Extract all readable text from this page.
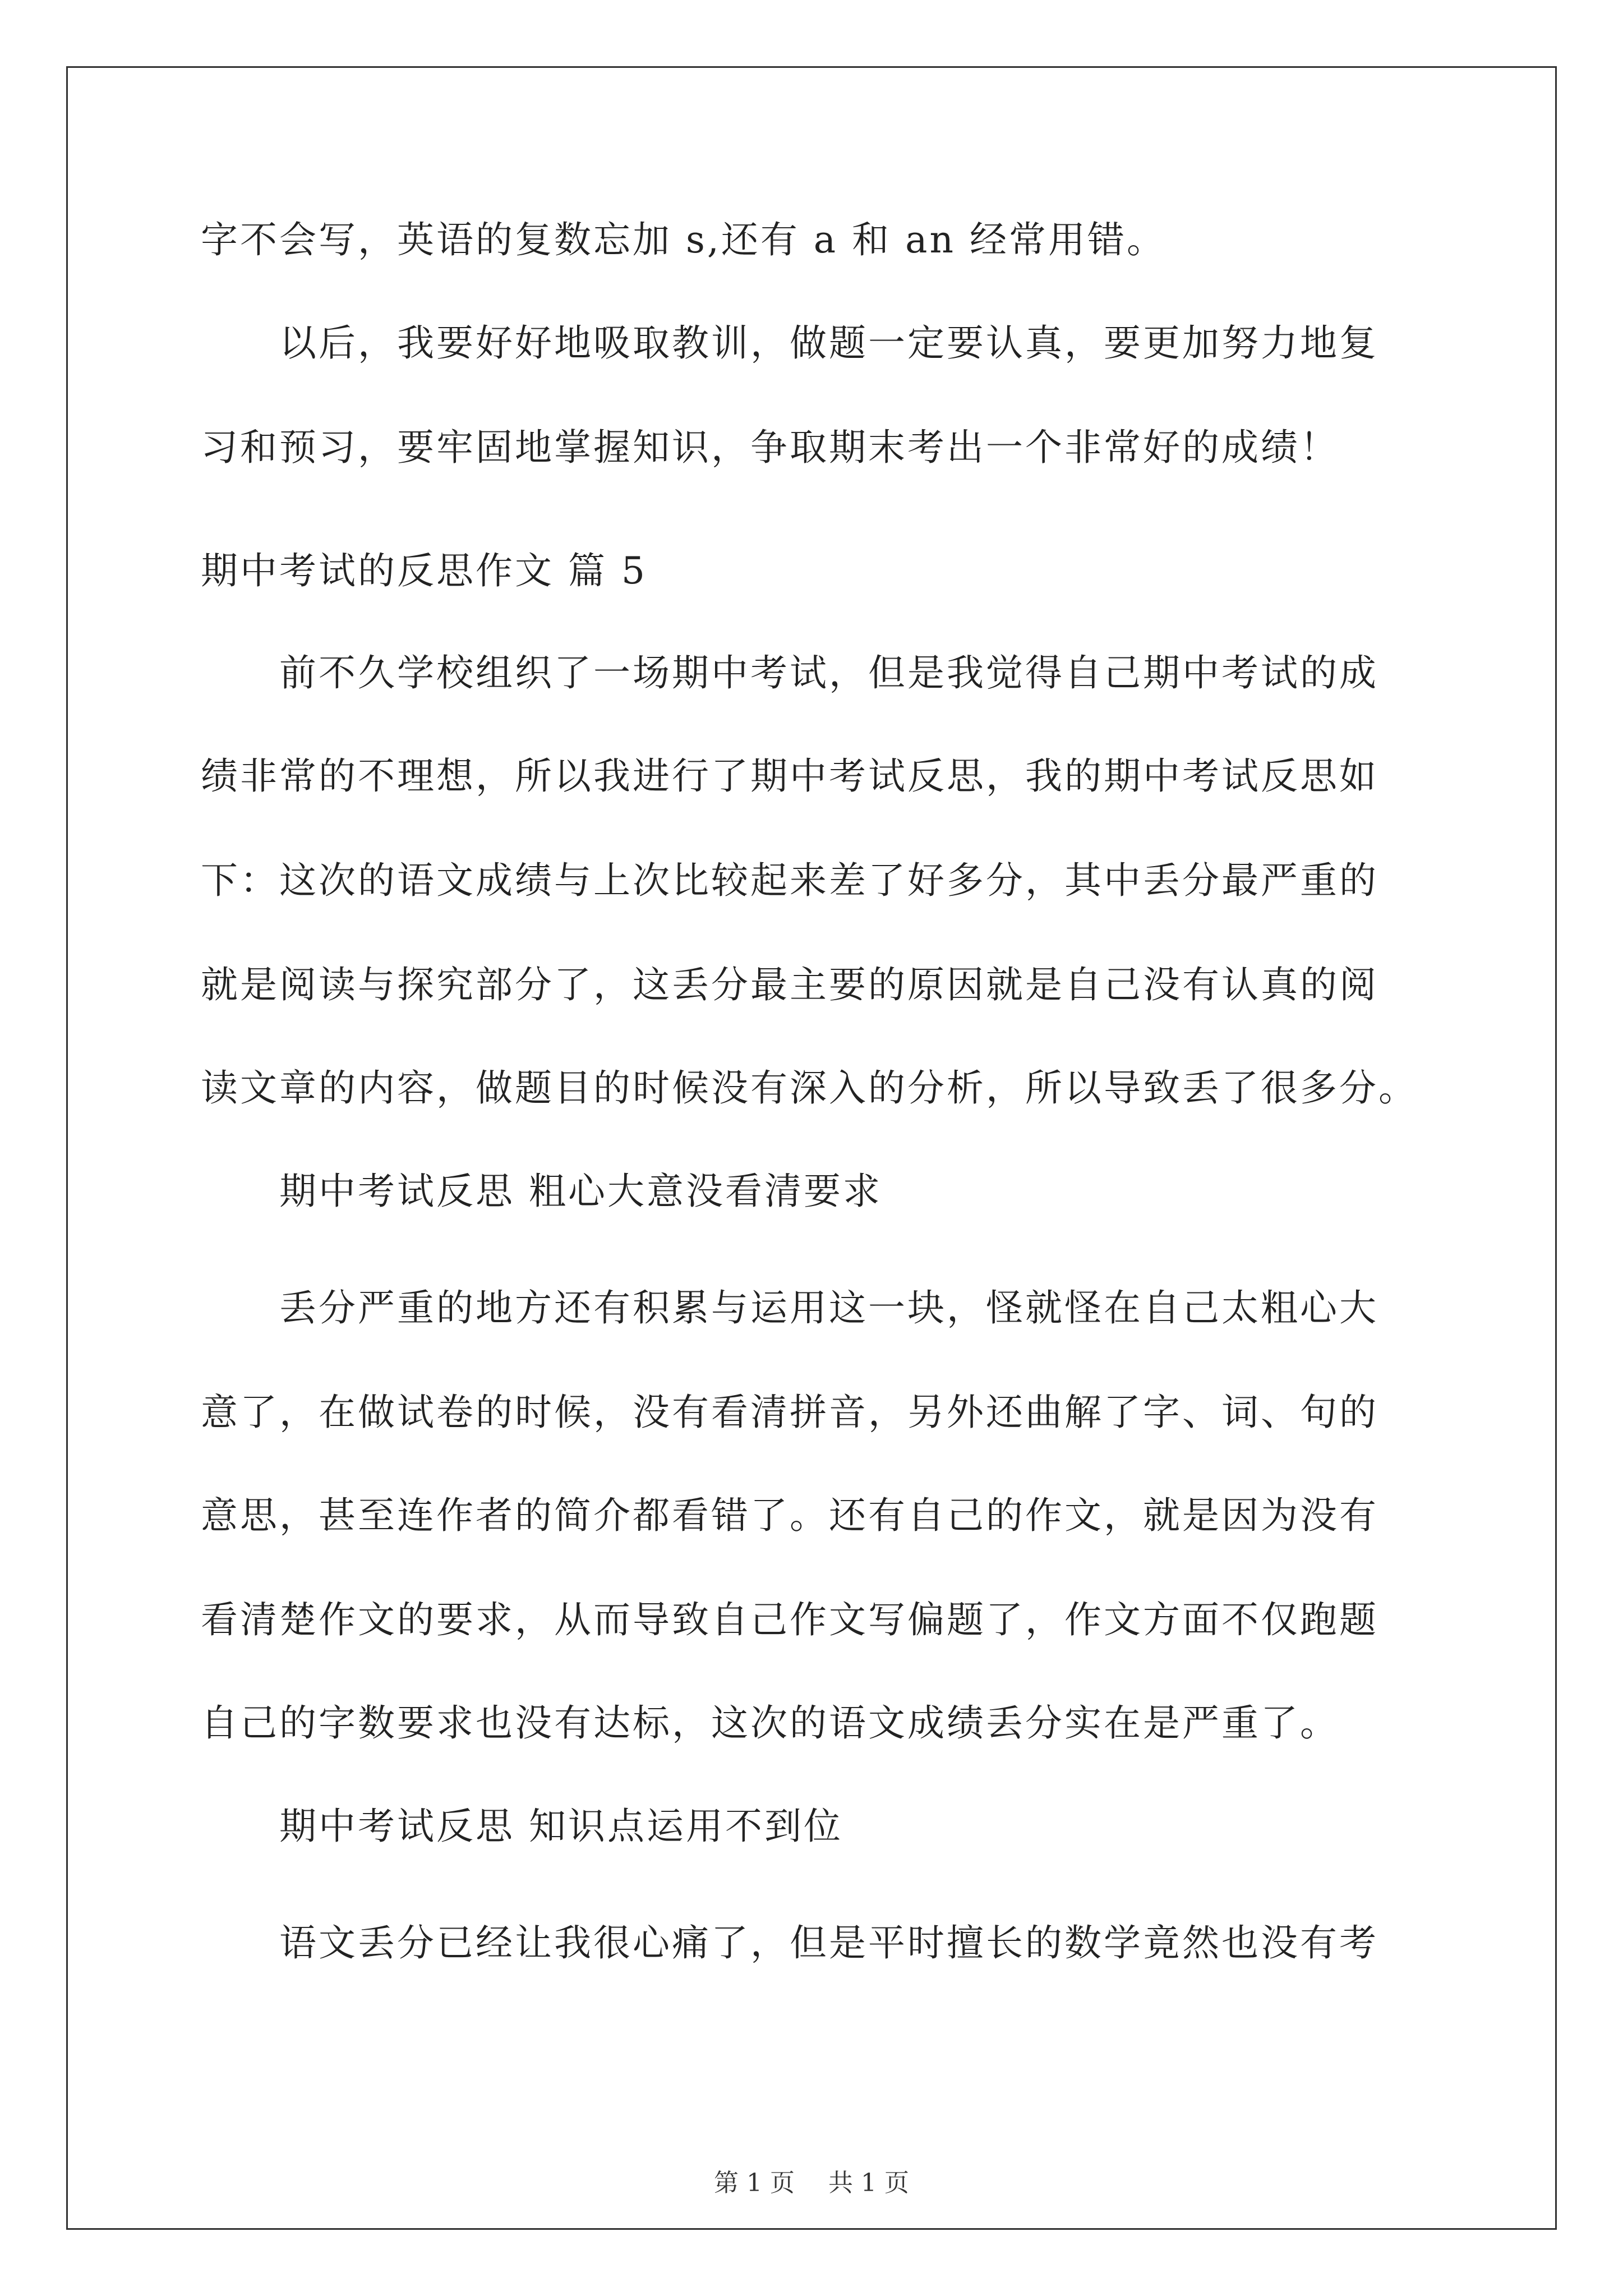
字不会写，英语的复数忘加 s,还有 a 和 an 经常用错。
以后，我要好好地吸取教训，做题一定要认真，要更加努力地复
习和预习，要牢固地掌握知识，争取期末考出一个非常好的成绩！
期中考试的反思作文 篇 5
前不久学校组织了一场期中考试，但是我觉得自己期中考试的成
绩非常的不理想，所以我进行了期中考试反思，我的期中考试反思如
下：这次的语文成绩与上次比较起来差了好多分，其中丢分最严重的
就是阅读与探究部分了，这丢分最主要的原因就是自己没有认真的阅
读文章的内容，做题目的时候没有深入的分析，所以导致丢了很多分。
期中考试反思 粗心大意没看清要求
丢分严重的地方还有积累与运用这一块，怪就怪在自己太粗心大
意了，在做试卷的时候，没有看清拼音，另外还曲解了字、词、句的
意思，甚至连作者的简介都看错了。还有自己的作文，就是因为没有
看清楚作文的要求，从而导致自己作文写偏题了，作文方面不仅跑题
自己的字数要求也没有达标，这次的语文成绩丢分实在是严重了。
期中考试反思 知识点运用不到位
语文丢分已经让我很心痛了，但是平时擅长的数学竟然也没有考
第 1 页 共 1 页
